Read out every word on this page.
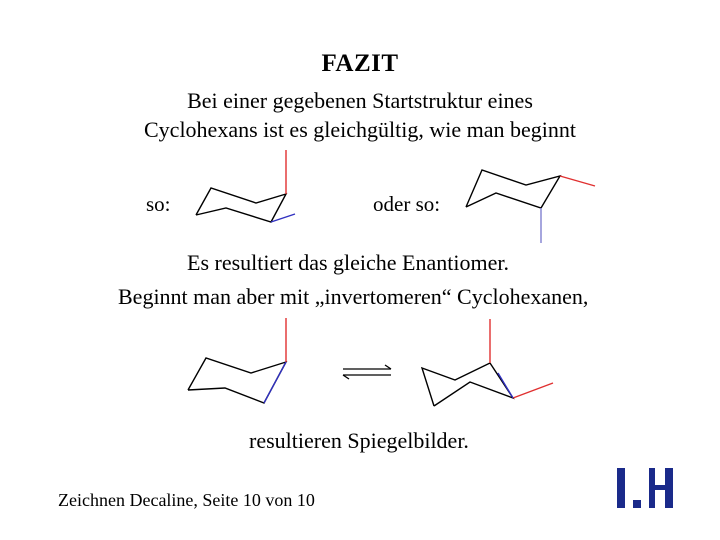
FAZIT
Bei einer gegebenen Startstruktur eines
Cyclohexans ist es gleichgültig, wie man beginnt
so:	oder so:
Es resultiert das gleiche Enantiomer.
Beginnt man aber mit „invertomeren“ Cyclohexanen,
resultieren Spiegelbilder.
Zeichnen Decaline, Seite 10 von 10
